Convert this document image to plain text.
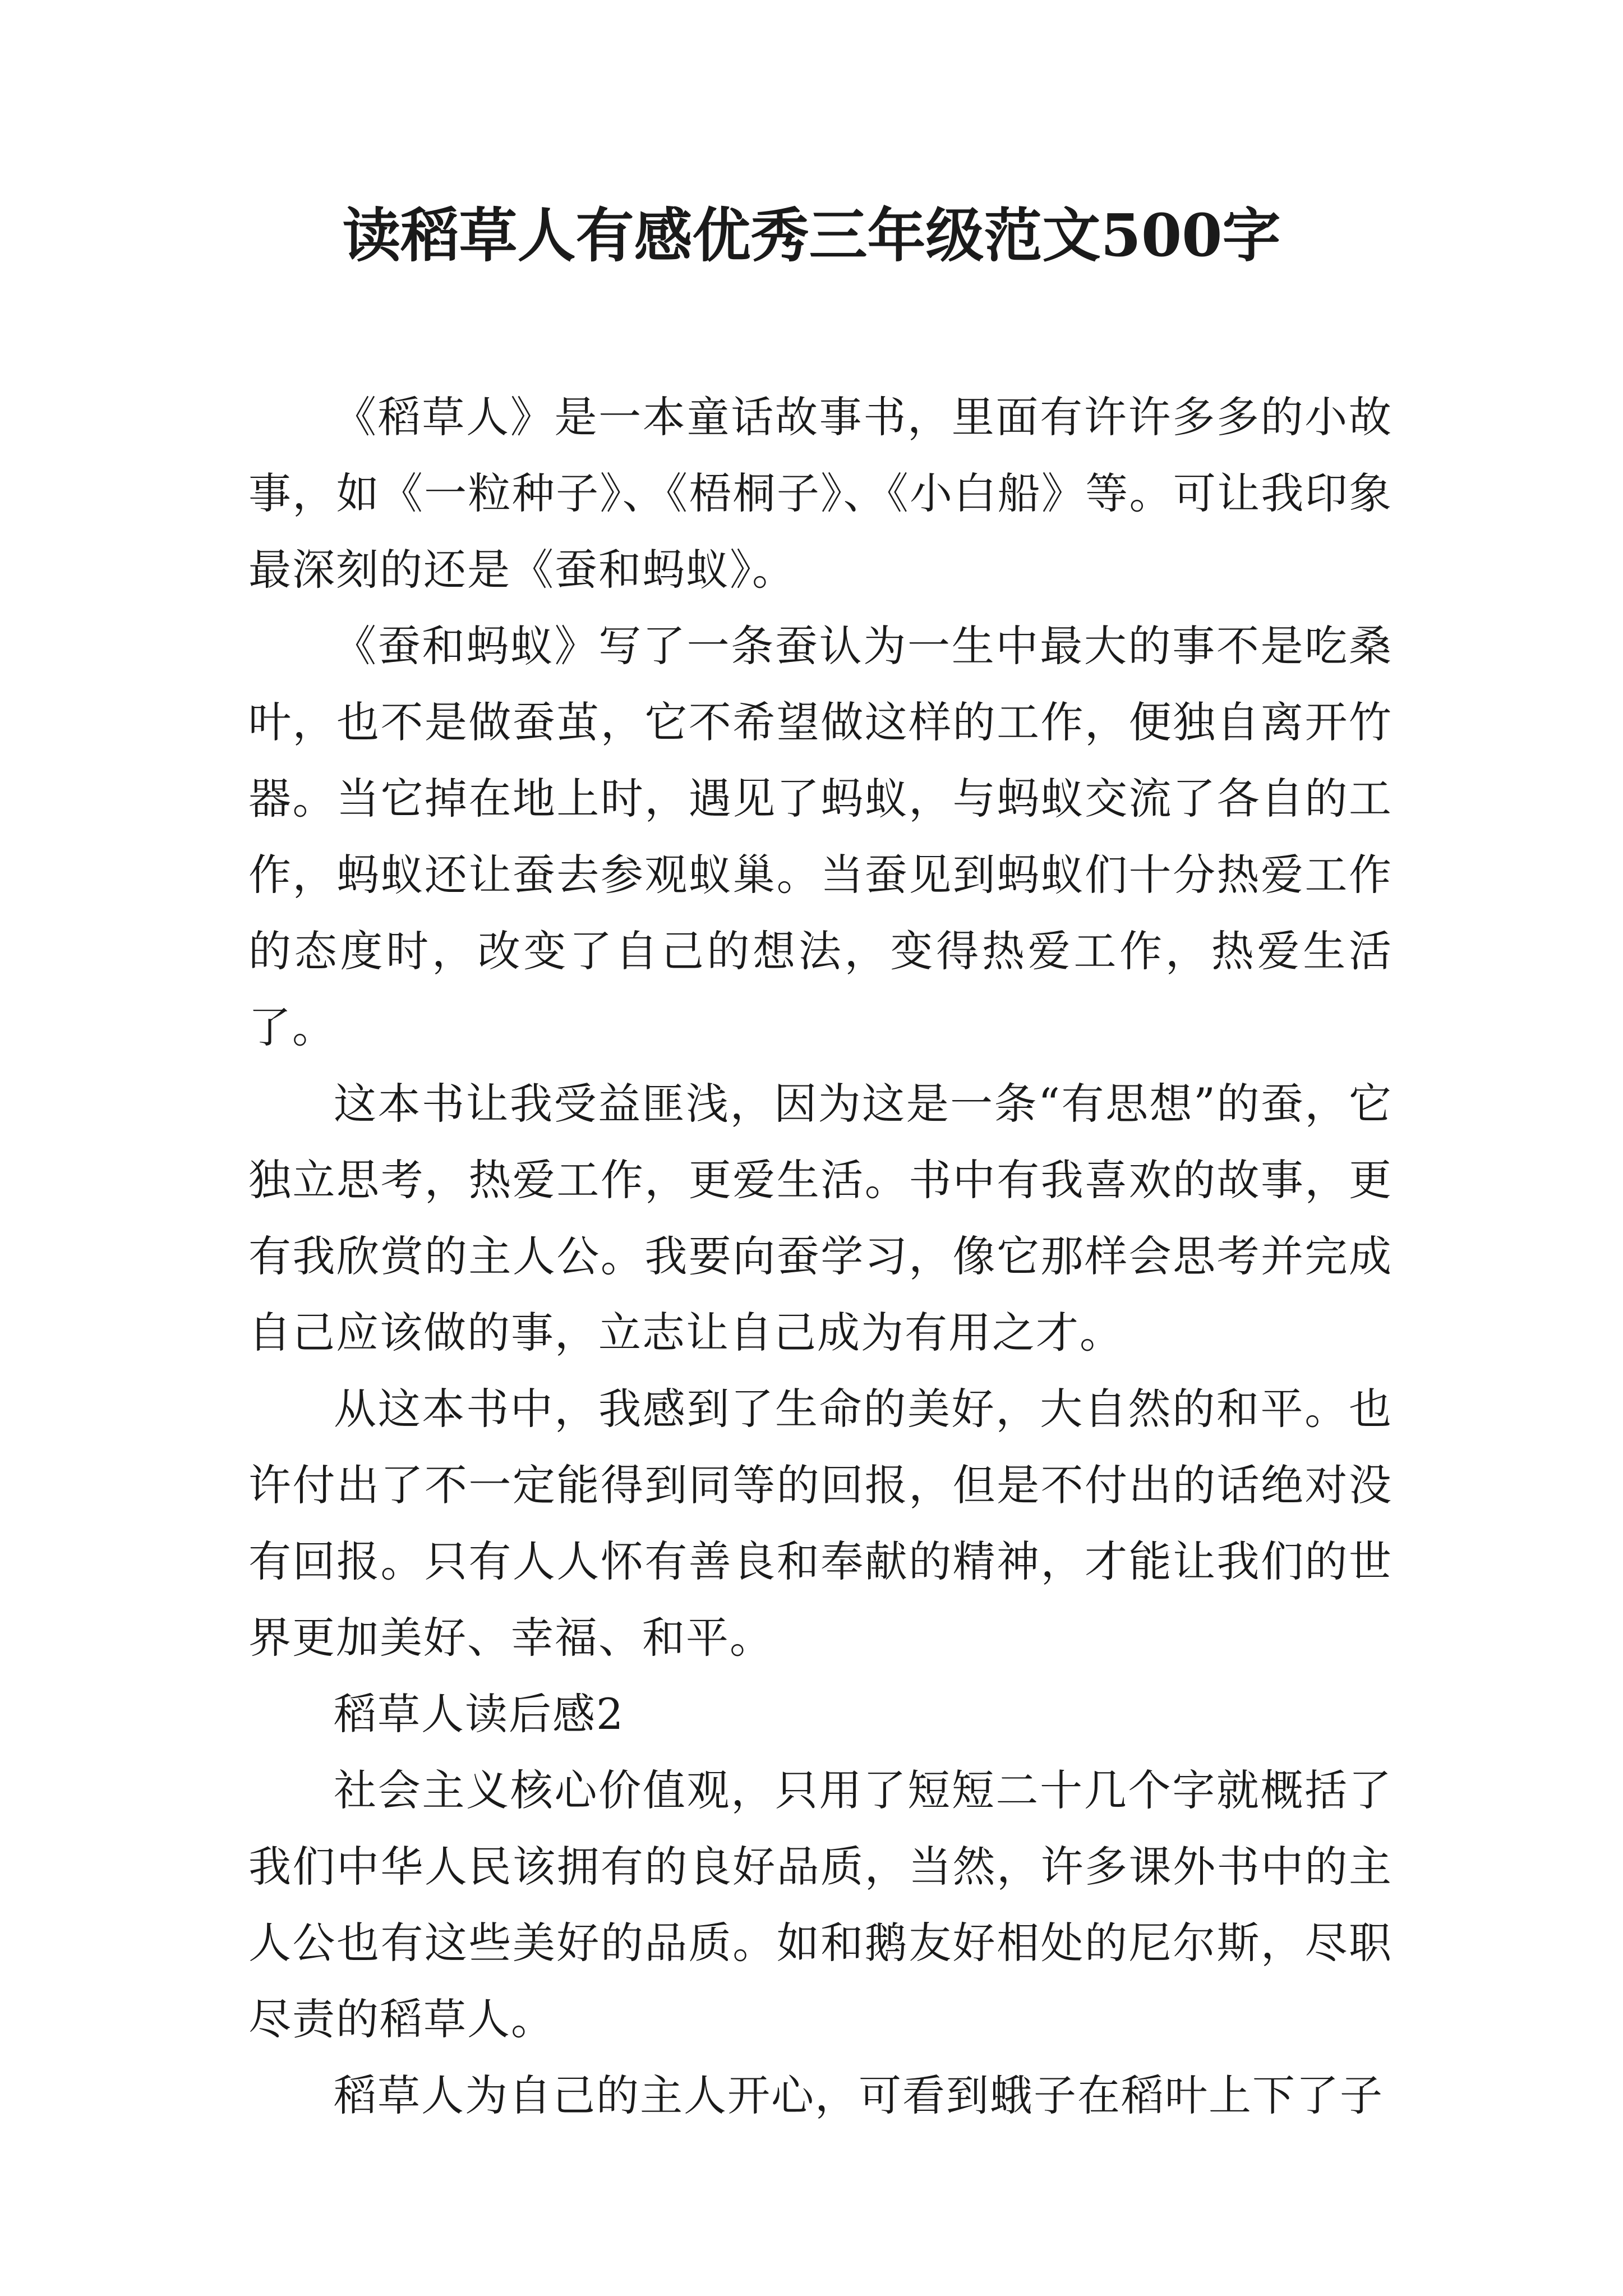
读稻草人有感优秀三年级范文500字

《稻草人》是一本童话故事书，里面有许许多多的小故事，如《一粒种子》、《梧桐子》、《小白船》等。可让我印象最深刻的还是《蚕和蚂蚁》。

《蚕和蚂蚁》写了一条蚕认为一生中最大的事不是吃桑叶，也不是做蚕茧，它不希望做这样的工作，便独自离开竹器。当它掉在地上时，遇见了蚂蚁，与蚂蚁交流了各自的工作，蚂蚁还让蚕去参观蚁巢。当蚕见到蚂蚁们十分热爱工作的态度时，改变了自己的想法，变得热爱工作，热爱生活了。

这本书让我受益匪浅，因为这是一条“有思想”的蚕，它独立思考，热爱工作，更爱生活。书中有我喜欢的故事，更有我欣赏的主人公。我要向蚕学习，像它那样会思考并完成自己应该做的事，立志让自己成为有用之才。

从这本书中，我感到了生命的美好，大自然的和平。也许付出了不一定能得到同等的回报，但是不付出的话绝对没有回报。只有人人怀有善良和奉献的精神，才能让我们的世界更加美好、幸福、和平。

稻草人读后感2

社会主义核心价值观，只用了短短二十几个字就概括了我们中华人民该拥有的良好品质，当然，许多课外书中的主人公也有这些美好的品质。如和鹅友好相处的尼尔斯，尽职尽责的稻草人。

稻草人为自己的主人开心，可看到蛾子在稻叶上下了子
